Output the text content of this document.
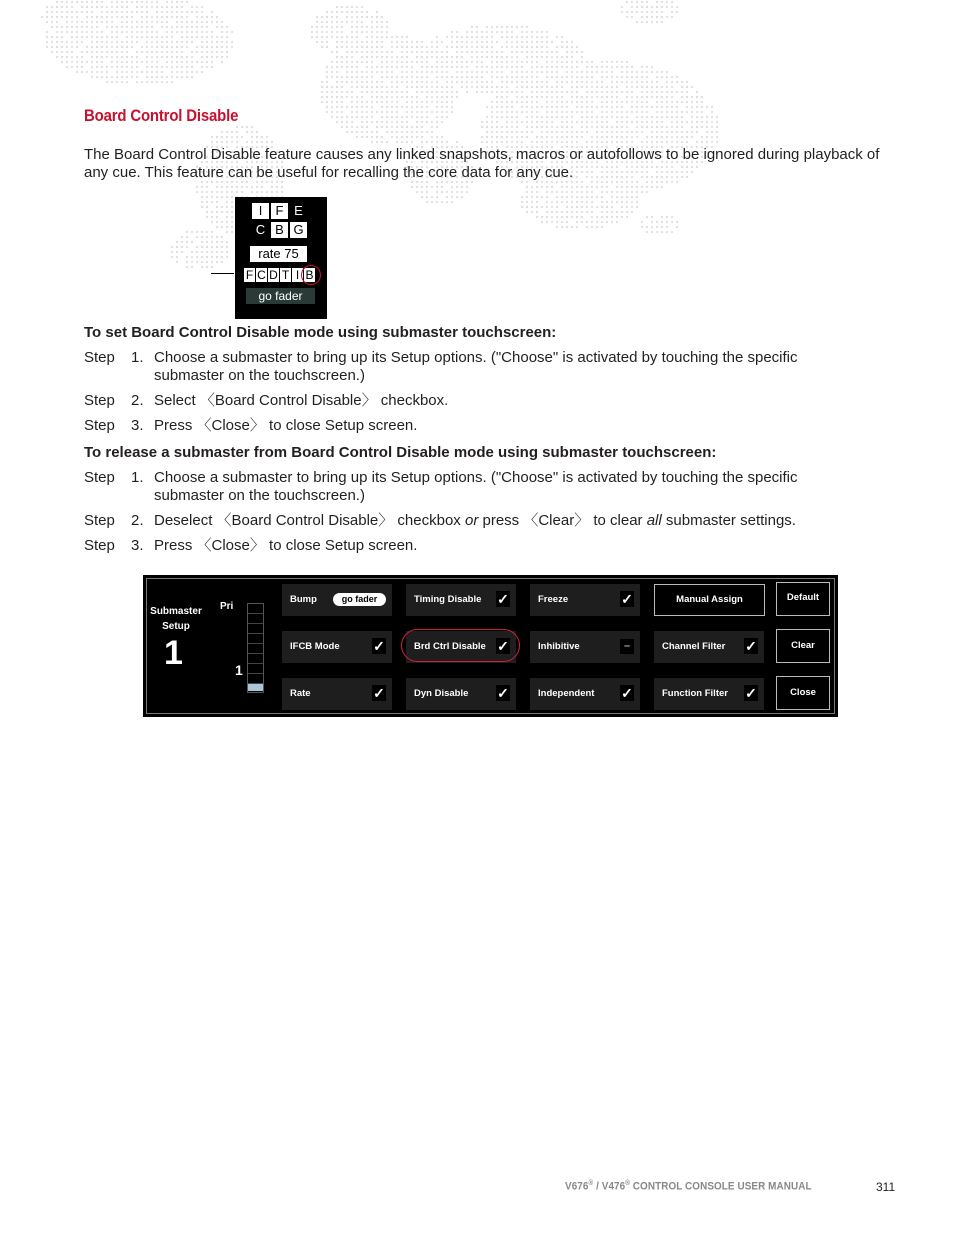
Board Control Disable
The Board Control Disable feature causes any linked snapshots, macros or autofollows to be ignored during playback of any cue. This feature can be useful for recalling the core data for any cue.
I	F E
C B G
rate 75
F C D T I B
go fader
To set Board Control Disable mode using submaster touchscreen:
Step 1. Choose a submaster to bring up its Setup options. ("Choose" is activated by touching the specific submaster on the touchscreen.)
Step 2. Select 〈Board Control Disable〉 checkbox.
Step 3. Press 〈Close〉 to close Setup screen.
To release a submaster from Board Control Disable mode using submaster touchscreen:
Step 1. Choose a submaster to bring up its Setup options. ("Choose" is activated by touching the specific submaster on the touchscreen.)
Step 2. Deselect 〈Board Control Disable〉 checkbox or press 〈Clear〉 to clear all submaster settings.
Step 3. Press 〈Close〉 to close Setup screen.
Submaster
Setup
1
Pri
1
Bump	go fader	Timing Disable ✓	Freeze	✓	Manual Assign	Default
IFCB Mode ✓	Brd Ctrl Disable ✓	Inhibitive	–	Channel Filter ✓	Clear
Rate	✓	Dyn Disable ✓	Independent ✓	Function Filter ✓	Close
V676® / V476® CONTROL CONSOLE USER MANUAL	311
